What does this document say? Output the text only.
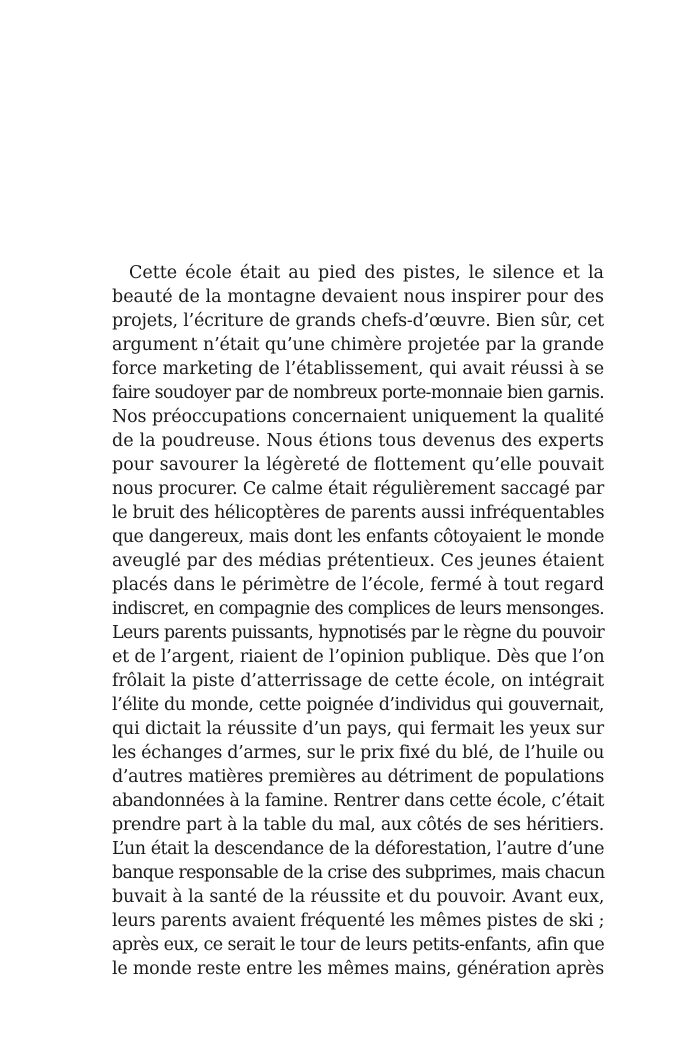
Cette école était au pied des pistes, le silence et la
beauté de la montagne devaient nous inspirer pour des
projets, l’écriture de grands chefs-d’œuvre. Bien sûr, cet
argument n’était qu’une chimère projetée par la grande
force marketing de l’établissement, qui avait réussi à se
faire soudoyer par de nombreux porte-monnaie bien garnis.
Nos préoccupations concernaient uniquement la qualité
de la poudreuse. Nous étions tous devenus des experts
pour savourer la légèreté de flottement qu’elle pouvait
nous procurer. Ce calme était régulièrement saccagé par
le bruit des hélicoptères de parents aussi infréquentables
que dangereux, mais dont les enfants côtoyaient le monde
aveuglé par des médias prétentieux. Ces jeunes étaient
placés dans le périmètre de l’école, fermé à tout regard
indiscret, en compagnie des complices de leurs mensonges.
Leurs parents puissants, hypnotisés par le règne du pouvoir
et de l’argent, riaient de l’opinion publique. Dès que l’on
frôlait la piste d’atterrissage de cette école, on intégrait
l’élite du monde, cette poignée d’individus qui gouvernait,
qui dictait la réussite d’un pays, qui fermait les yeux sur
les échanges d’armes, sur le prix fixé du blé, de l’huile ou
d’autres matières premières au détriment de populations
abandonnées à la famine. Rentrer dans cette école, c’était
prendre part à la table du mal, aux côtés de ses héritiers.
L’un était la descendance de la déforestation, l’autre d’une
banque responsable de la crise des subprimes, mais chacun
buvait à la santé de la réussite et du pouvoir. Avant eux,
leurs parents avaient fréquenté les mêmes pistes de ski ;
après eux, ce serait le tour de leurs petits-enfants, afin que
le monde reste entre les mêmes mains, génération après
